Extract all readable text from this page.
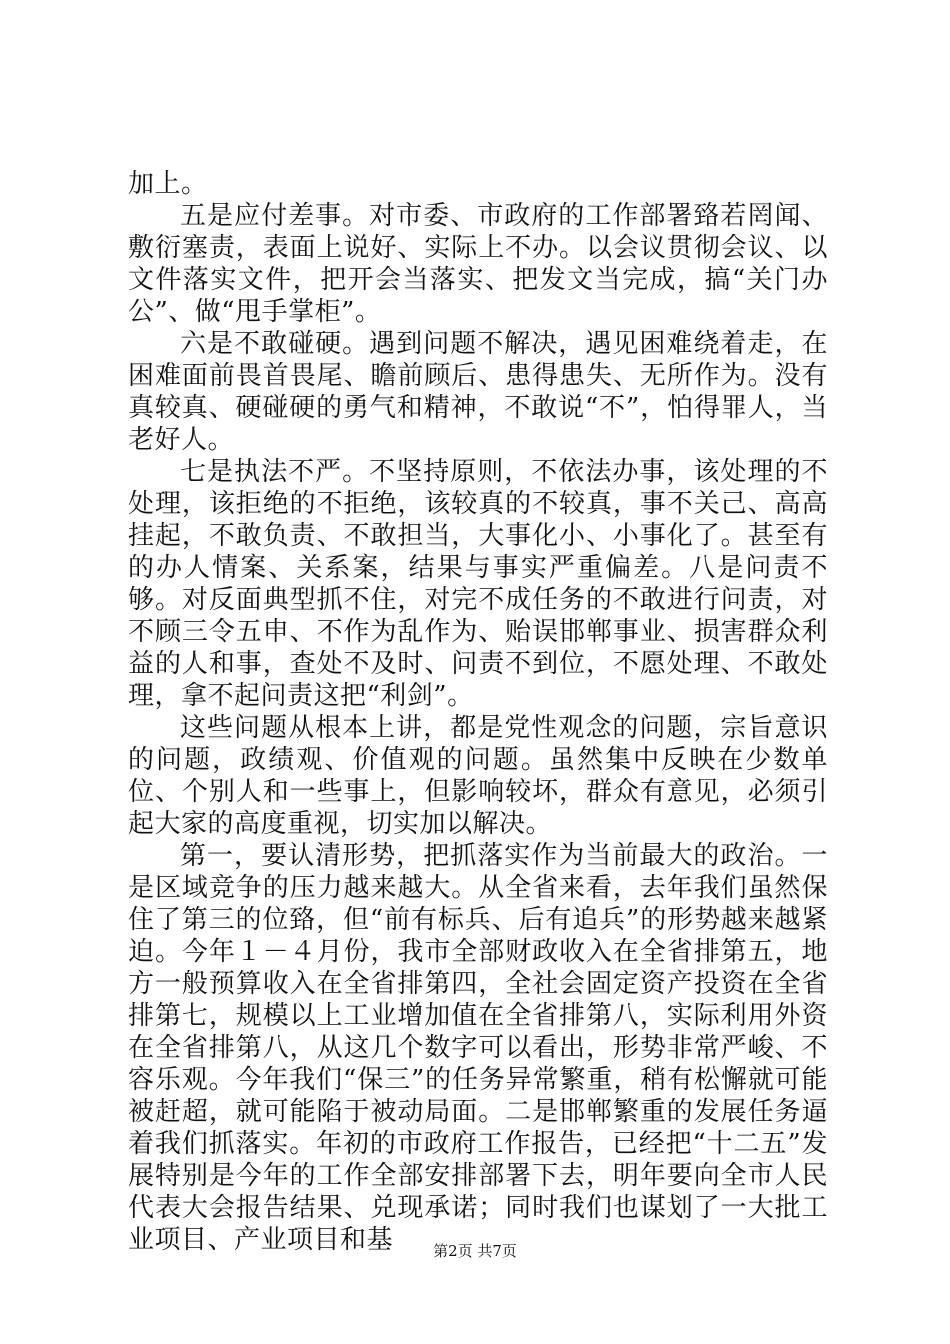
加上。

五是应付差事。对市委、市政府的工作部署臵若罔闻、敷衍塞责，表面上说好、实际上不办。以会议贯彻会议、以文件落实文件，把开会当落实、把发文当完成，搞“关门办公”、做“甩手掌柜”。

六是不敢碰硬。遇到问题不解决，遇见困难绕着走，在困难面前畏首畏尾、瞻前顾后、患得患失、无所作为。没有真较真、硬碰硬的勇气和精神，不敢说“不”，怕得罪人，当老好人。

七是执法不严。不坚持原则，不依法办事，该处理的不处理，该拒绝的不拒绝，该较真的不较真，事不关己、高高挂起，不敢负责、不敢担当，大事化小、小事化了。甚至有的办人情案、关系案，结果与事实严重偏差。八是问责不够。对反面典型抓不住，对完不成任务的不敢进行问责，对不顾三令五申、不作为乱作为、贻误邯郸事业、损害群众利益的人和事，查处不及时、问责不到位，不愿处理、不敢处理，拿不起问责这把“利剑”。

这些问题从根本上讲，都是党性观念的问题，宗旨意识的问题，政绩观、价值观的问题。虽然集中反映在少数单位、个别人和一些事上，但影响较坏，群众有意见，必须引起大家的高度重视，切实加以解决。

第一，要认清形势，把抓落实作为当前最大的政治。一是区域竞争的压力越来越大。从全省来看，去年我们虽然保住了第三的位臵，但“前有标兵、后有追兵”的形势越来越紧迫。今年１－４月份，我市全部财政收入在全省排第五，地方一般预算收入在全省排第四，全社会固定资产投资在全省排第七，规模以上工业增加值在全省排第八，实际利用外资在全省排第八，从这几个数字可以看出，形势非常严峻、不容乐观。今年我们“保三”的任务异常繁重，稍有松懈就可能被赶超，就可能陷于被动局面。二是邯郸繁重的发展任务逼着我们抓落实。年初的市政府工作报告，已经把“十二五”发展特别是今年的工作全部安排部署下去，明年要向全市人民代表大会报告结果、兑现承诺；同时我们也谋划了一大批工业项目、产业项目和基	第2页 共7页
